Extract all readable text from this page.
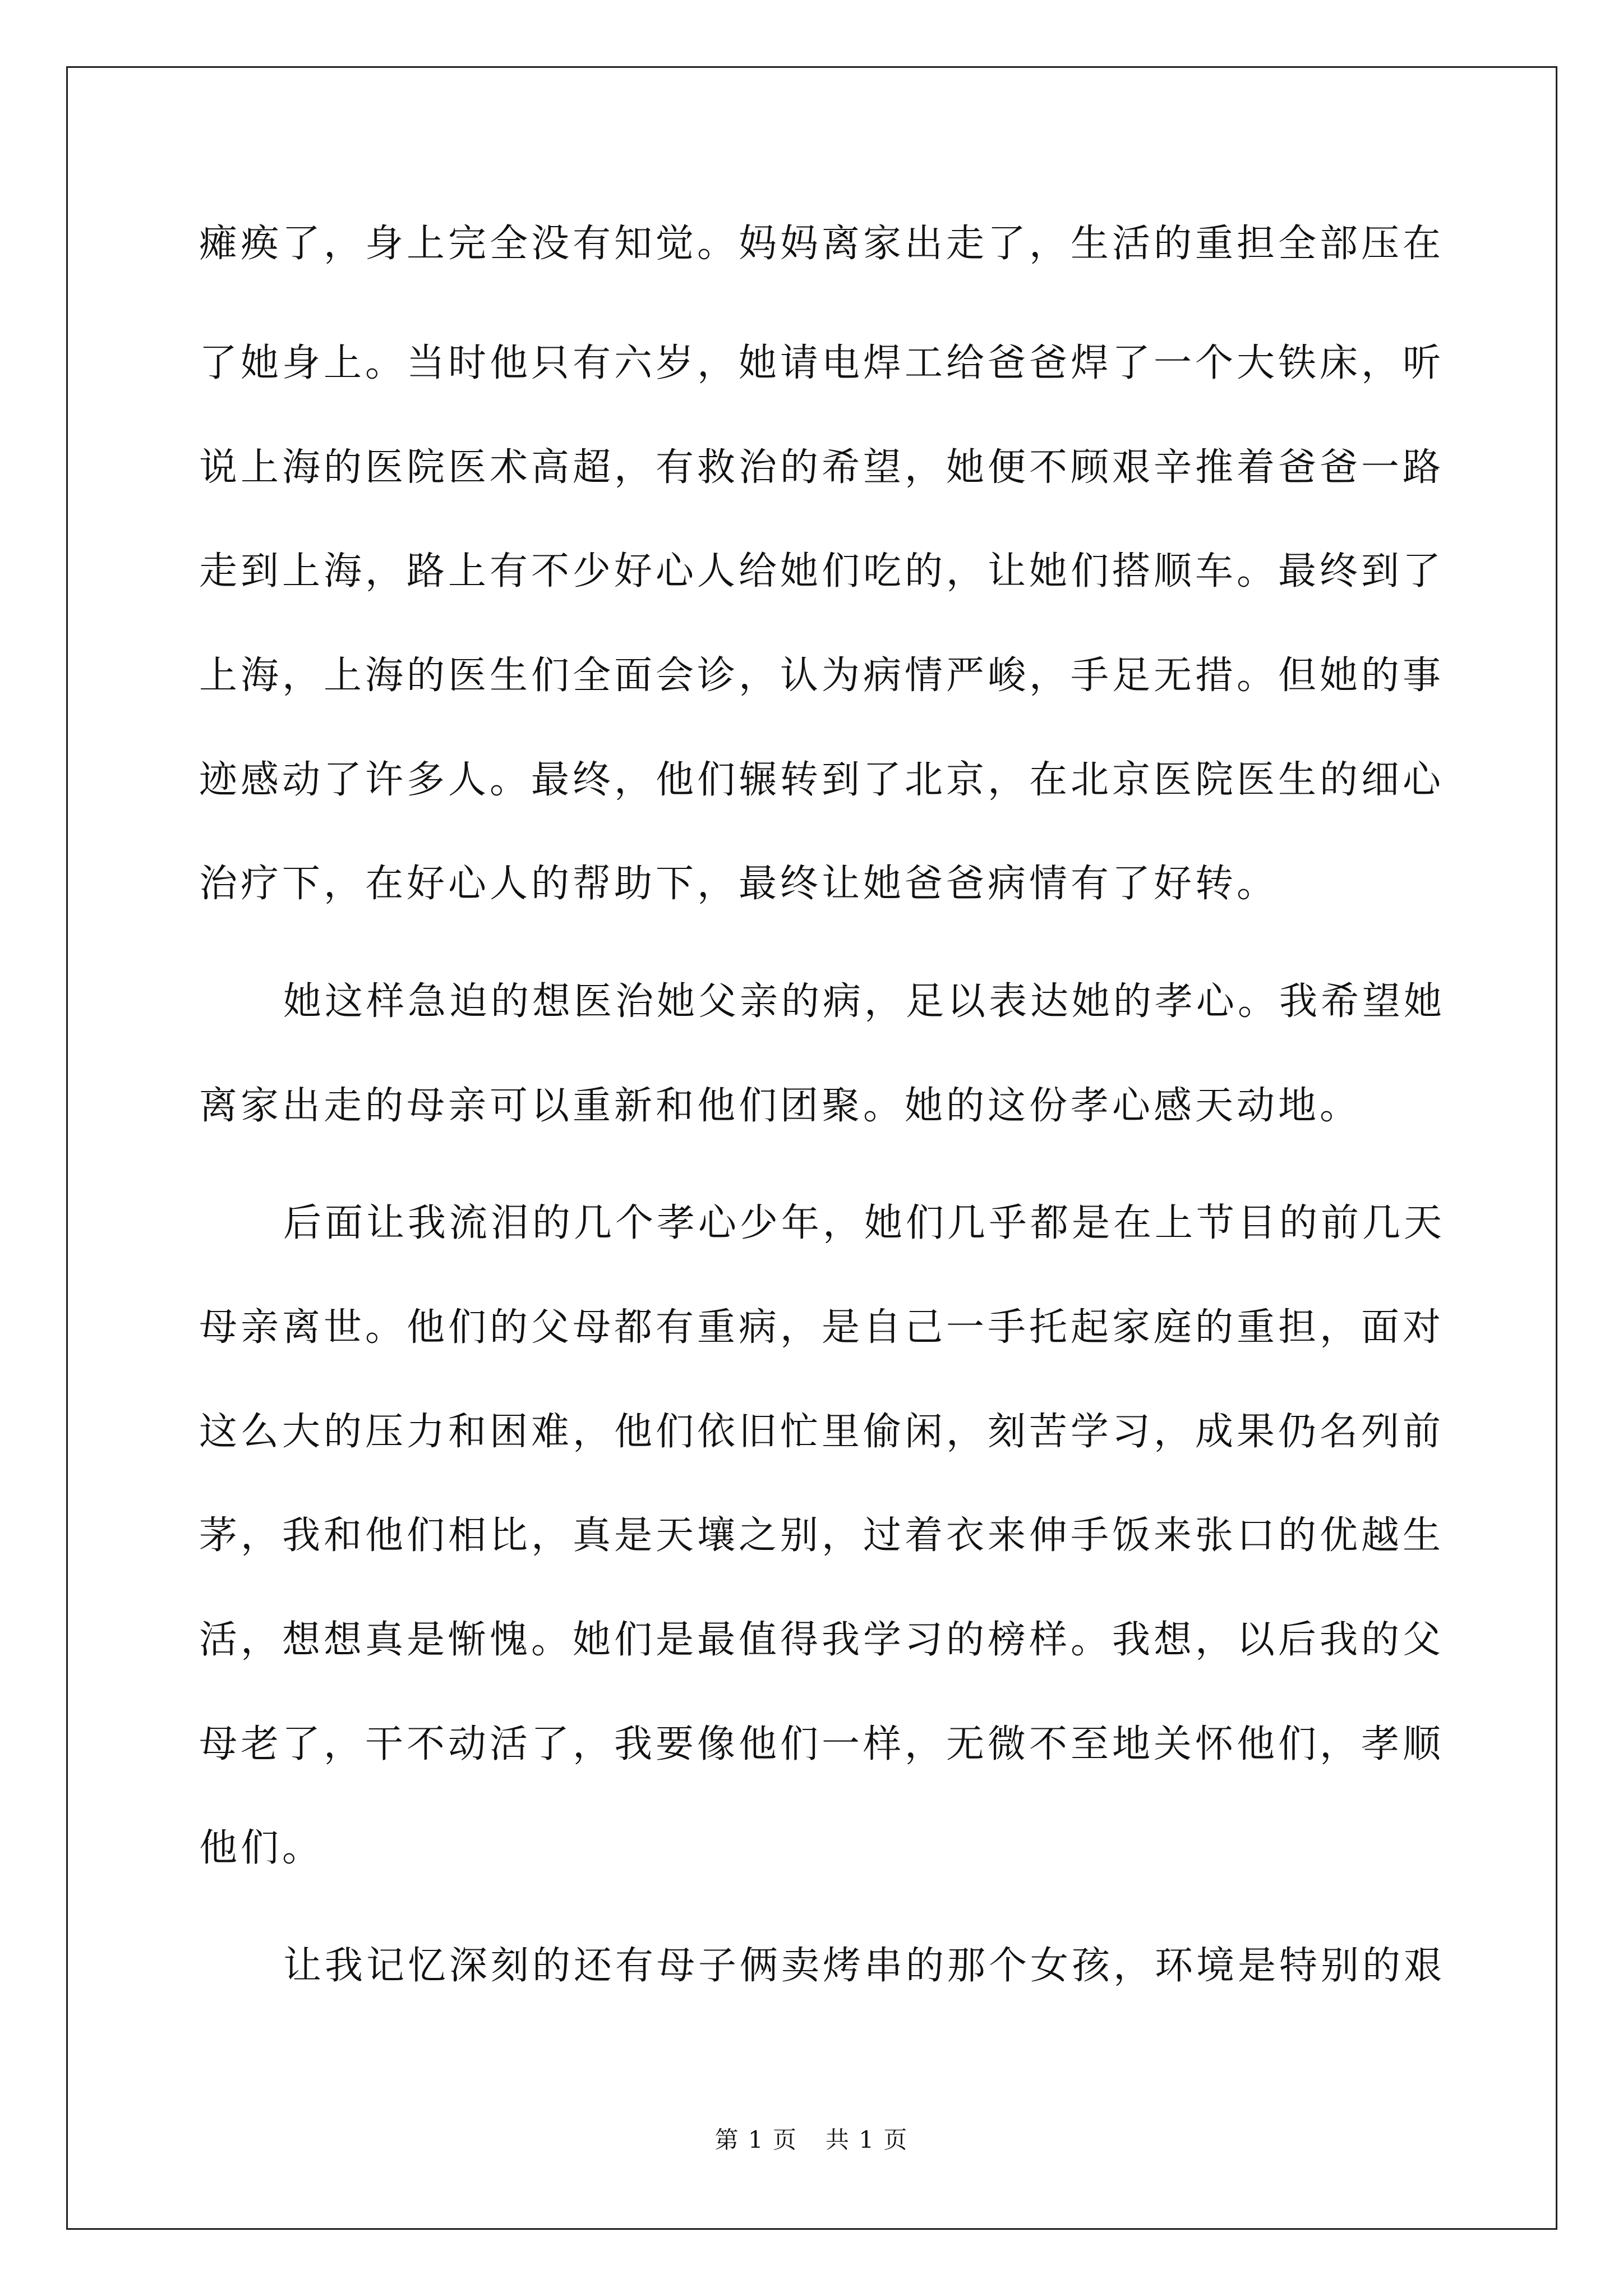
瘫痪了，身上完全没有知觉。妈妈离家出走了，生活的重担全部压在
了她身上。当时他只有六岁，她请电焊工给爸爸焊了一个大铁床，听
说上海的医院医术高超，有救治的希望，她便不顾艰辛推着爸爸一路
走到上海，路上有不少好心人给她们吃的，让她们搭顺车。最终到了
上海，上海的医生们全面会诊，认为病情严峻，手足无措。但她的事
迹感动了许多人。最终，他们辗转到了北京，在北京医院医生的细心
治疗下，在好心人的帮助下，最终让她爸爸病情有了好转。
她这样急迫的想医治她父亲的病，足以表达她的孝心。我希望她
离家出走的母亲可以重新和他们团聚。她的这份孝心感天动地。
后面让我流泪的几个孝心少年，她们几乎都是在上节目的前几天
母亲离世。他们的父母都有重病，是自己一手托起家庭的重担，面对
这么大的压力和困难，他们依旧忙里偷闲，刻苦学习，成果仍名列前
茅，我和他们相比，真是天壤之别，过着衣来伸手饭来张口的优越生
活，想想真是惭愧。她们是最值得我学习的榜样。我想，以后我的父
母老了，干不动活了，我要像他们一样，无微不至地关怀他们，孝顺
他们。
让我记忆深刻的还有母子俩卖烤串的那个女孩，环境是特别的艰
第 1 页 共 1 页
